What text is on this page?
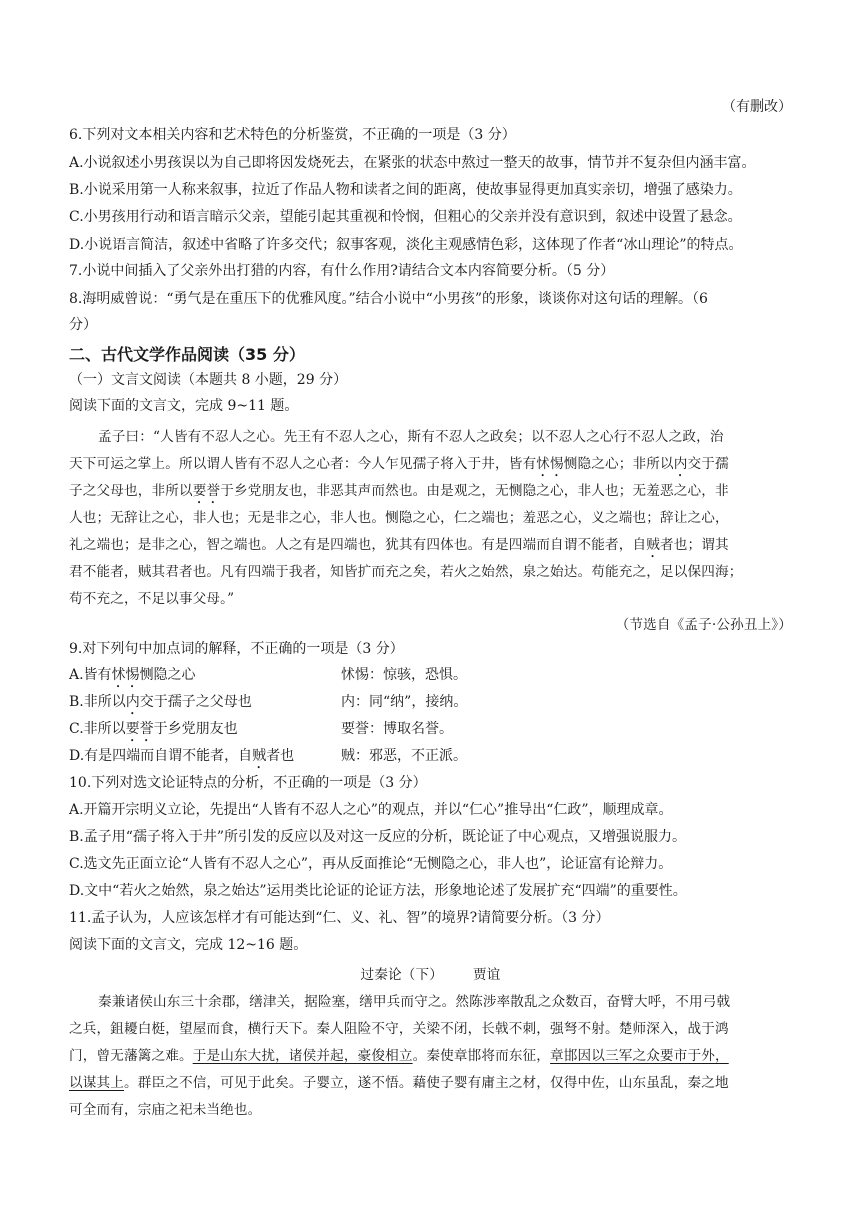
（有删改）
6.下列对文本相关内容和艺术特色的分析鉴赏，不正确的一项是（3 分）
A.小说叙述小男孩误以为自己即将因发烧死去，在紧张的状态中熬过一整天的故事，情节并不复杂但内涵丰富。
B.小说采用第一人称来叙事，拉近了作品人物和读者之间的距离，使故事显得更加真实亲切，增强了感染力。
C.小男孩用行动和语言暗示父亲，望能引起其重视和怜悯，但粗心的父亲并没有意识到，叙述中设置了悬念。
D.小说语言简洁，叙述中省略了许多交代；叙事客观，淡化主观感情色彩，这体现了作者“冰山理论”的特点。
7.小说中间插入了父亲外出打猎的内容，有什么作用?请结合文本内容简要分析。（5 分）
8.海明威曾说：“勇气是在重压下的优雅风度。”结合小说中“小男孩”的形象，谈谈你对这句话的理解。（6
分）
二、古代文学作品阅读（35 分）
（一）文言文阅读（本题共 8 小题，29 分）
阅读下面的文言文，完成 9~11 题。
孟子曰：“人皆有不忍人之心。先王有不忍人之心，斯有不忍人之政矣；以不忍人之心行不忍人之政，治
天下可运之掌上。所以谓人皆有不忍人之心者：今人乍见孺子将入于井，皆有怵惕恻隐之心；非所以内交于孺
子之父母也，非所以要誉于乡党朋友也，非恶其声而然也。由是观之，无恻隐之心，非人也；无羞恶之心，非
人也；无辞让之心，非人也；无是非之心，非人也。恻隐之心，仁之端也；羞恶之心，义之端也；辞让之心，
礼之端也；是非之心，智之端也。人之有是四端也，犹其有四体也。有是四端而自谓不能者，自贼者也；谓其
君不能者，贼其君者也。凡有四端于我者，知皆扩而充之矣，若火之始然，泉之始达。苟能充之，足以保四海；
苟不充之，不足以事父母。”
（节选自《孟子·公孙丑上》）
9.对下列句中加点词的解释，不正确的一项是（3 分）
A.皆有怵惕恻隐之心	怵惕：惊骇，恐惧。
B.非所以内交于孺子之父母也	内：同“纳”，接纳。
C.非所以要誉于乡党朋友也	要誉：博取名誉。
D.有是四端而自谓不能者，自贼者也	贼：邪恶，不正派。
10.下列对选文论证特点的分析，不正确的一项是（3 分）
A.开篇开宗明义立论，先提出“人皆有不忍人之心”的观点，并以“仁心”推导出“仁政”，顺理成章。
B.孟子用“孺子将入于井”所引发的反应以及对这一反应的分析，既论证了中心观点，又增强说服力。
C.选文先正面立论“人皆有不忍人之心”，再从反面推论“无恻隐之心，非人也”，论证富有论辩力。
D.文中“若火之始然，泉之始达”运用类比论证的论证方法，形象地论述了发展扩充“四端”的重要性。
11.孟子认为，人应该怎样才有可能达到“仁、义、礼、智”的境界?请简要分析。（3 分）
阅读下面的文言文，完成 12~16 题。
过秦论（下） 贾谊
秦兼诸侯山东三十余郡，缮津关，据险塞，缮甲兵而守之。然陈涉率散乱之众数百，奋臂大呼，不用弓戟
之兵，鉏耰白梃，望屋而食，横行天下。秦人阻险不守，关梁不闭，长戟不刺，强弩不射。楚师深入，战于鸿
门，曾无藩篱之难。于是山东大扰，诸侯并起，豪俊相立。秦使章邯将而东征，章邯因以三军之众要市于外，
以谋其上。群臣之不信，可见于此矣。子婴立，遂不悟。藉使子婴有庸主之材，仅得中佐，山东虽乱，秦之地
可全而有，宗庙之祀未当绝也。
